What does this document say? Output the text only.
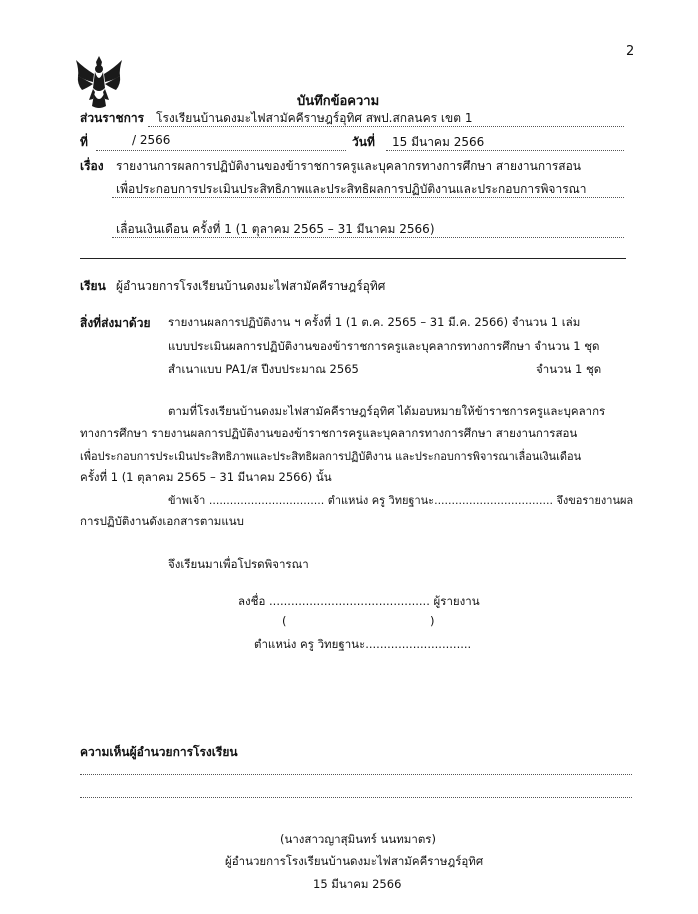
2
บันทึกข้อความ
ส่วนราชการ โรงเรียนบ้านดงมะไฟสามัคคีราษฎร์อุทิศ สพป.สกลนคร เขต 1
ที่	/ 2566	วันที่ 15 มีนาคม 2566
เรื่อง รายงานการผลการปฏิบัติงานของข้าราชการครูและบุคลากรทางการศึกษา สายงานการสอน
เพื่อประกอบการประเมินประสิทธิภาพและประสิทธิผลการปฏิบัติงานและประกอบการพิจารณา
เลื่อนเงินเดือน ครั้งที่ 1 (1 ตุลาคม 2565 – 31 มีนาคม 2566)
เรียน ผู้อำนวยการโรงเรียนบ้านดงมะไฟสามัคคีราษฎร์อุทิศ
สิ่งที่ส่งมาด้วย รายงานผลการปฏิบัติงาน ฯ ครั้งที่ 1 (1 ต.ค. 2565 – 31 มี.ค. 2566) จำนวน 1 เล่ม
แบบประเมินผลการปฏิบัติงานของข้าราชการครูและบุคลากรทางการศึกษา จำนวน 1 ชุด
สำเนาแบบ PA1/ส ปีงบประมาณ 2565	จำนวน 1 ชุด
ตามที่โรงเรียนบ้านดงมะไฟสามัคคีราษฎร์อุทิศ ได้มอบหมายให้ข้าราชการครูและบุคลากร
ทางการศึกษา รายงานผลการปฏิบัติงานของข้าราชการครูและบุคลากรทางการศึกษา สายงานการสอน
เพื่อประกอบการประเมินประสิทธิภาพและประสิทธิผลการปฏิบัติงาน และประกอบการพิจารณาเลื่อนเงินเดือน
ครั้งที่ 1 (1 ตุลาคม 2565 – 31 มีนาคม 2566) นั้น
ข้าพเจ้า ................................. ตำแหน่ง ครู วิทยฐานะ.................................. จึงขอรายงานผล
การปฏิบัติงานดังเอกสารตามแนบ
จึงเรียนมาเพื่อโปรดพิจารณา
ลงชื่อ ............................................ ผู้รายงาน
(	)
ตำแหน่ง ครู วิทยฐานะ.............................
ความเห็นผู้อำนวยการโรงเรียน
(นางสาวญาสุมินทร์ นนทมาตร)
ผู้อำนวยการโรงเรียนบ้านดงมะไฟสามัคคีราษฎร์อุทิศ
15 มีนาคม 2566
